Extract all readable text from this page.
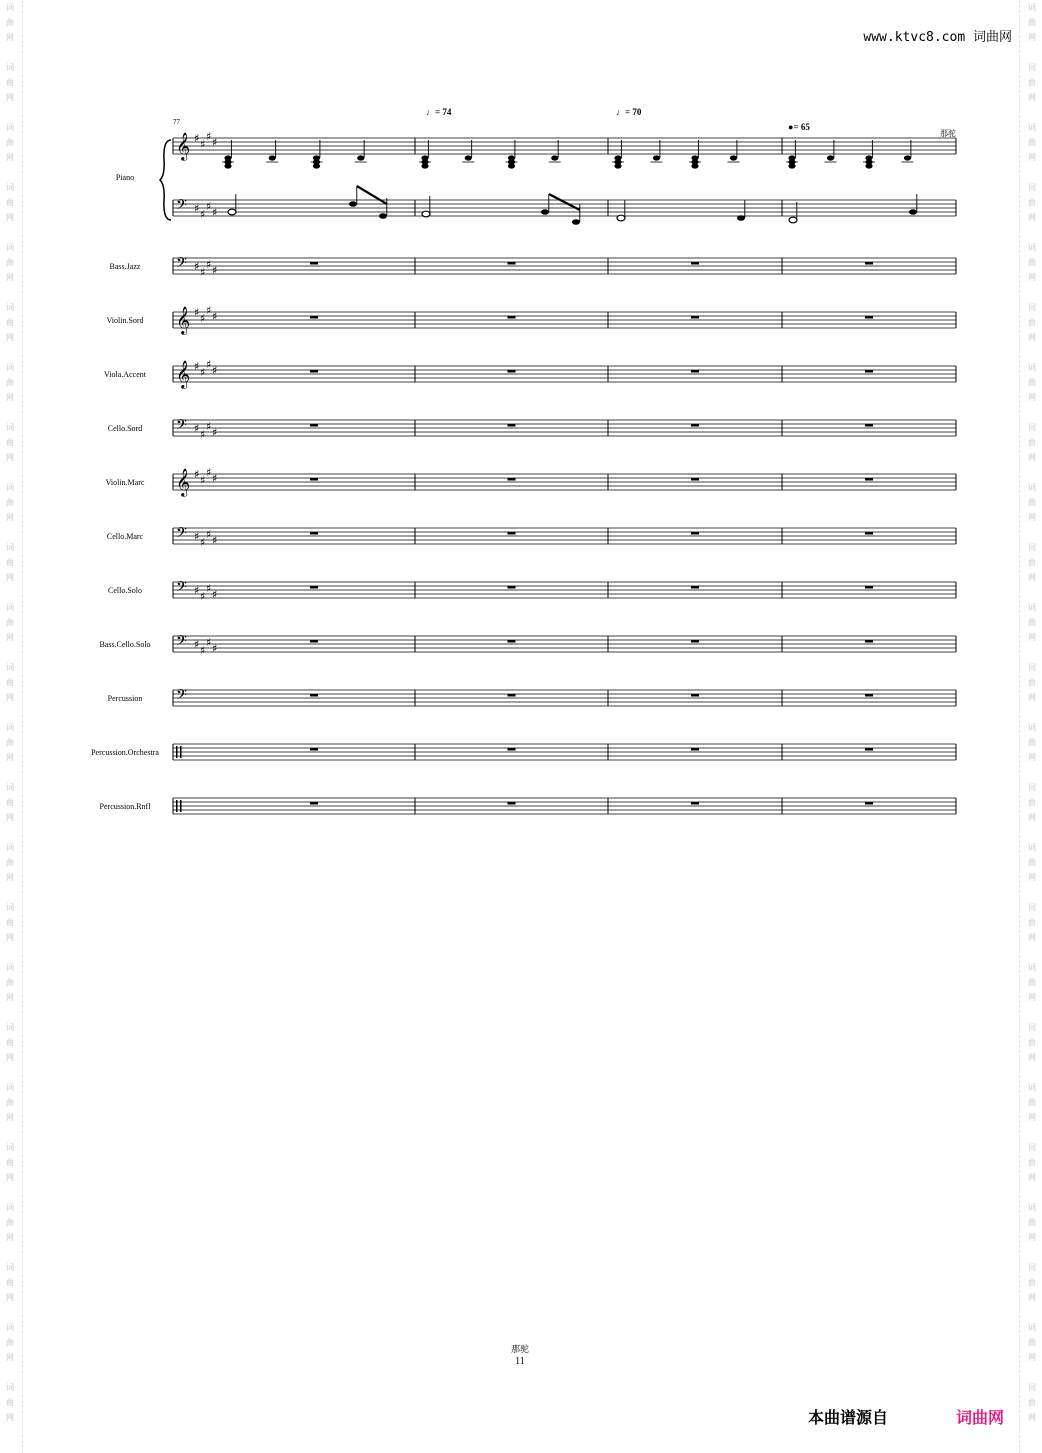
词
曲
网
词
曲
网
词
曲
网
词
曲
网
词
曲
网
词
曲
网
词
曲
网
词
曲
网
词
曲
网
词
曲
网
词
曲
网
词
曲
网
词
曲
网
词
曲
网
词
曲
网
词
曲
网
词
曲
网
词
曲
网
词
曲
网
词
曲
网
词
曲
网
词
曲
网
词
曲
网
词
曲
网
词
曲
网
词
曲
网
词
曲
网
词
曲
网
词
曲
网
词
曲
网
词
曲
网
词
曲
网
词
曲
网
词
曲
网
词
曲
网
词
曲
网
词
曲
网
词
曲
网
词
曲
网
词
曲
网
词
曲
网
词
曲
网
词
曲
网
词
曲
网
词
曲
网
词
曲
网
词
曲
网
词
曲
网
www.ktvc8.com 词曲网
𝄞 ♯ ♯
♯ ♯
𝄢 ♯ ♯
♯ ♯
𝄢 ♯ ♯
♯ ♯
𝄞 ♯ ♯
♯ ♯
𝄞 ♯ ♯
♯ ♯
𝄢 ♯ ♯
♯ ♯
𝄞 ♯ ♯
♯ ♯
𝄢 ♯ ♯
♯ ♯
𝄢 ♯ ♯
♯ ♯
𝄢 ♯ ♯
♯ ♯
𝄢
Piano
Bass.Jazz
Violin.Sord
Viola.Accent
Cello.Sord
Violin.Marc
Cello.Marc
Cello.Solo
Bass.Cello.Solo
Percussion
Percussion.Orchestra
Percussion.Rnfl
77
♩= 74	♩= 70
●= 65
那驼
那驼
11
本曲谱源自	词曲网
